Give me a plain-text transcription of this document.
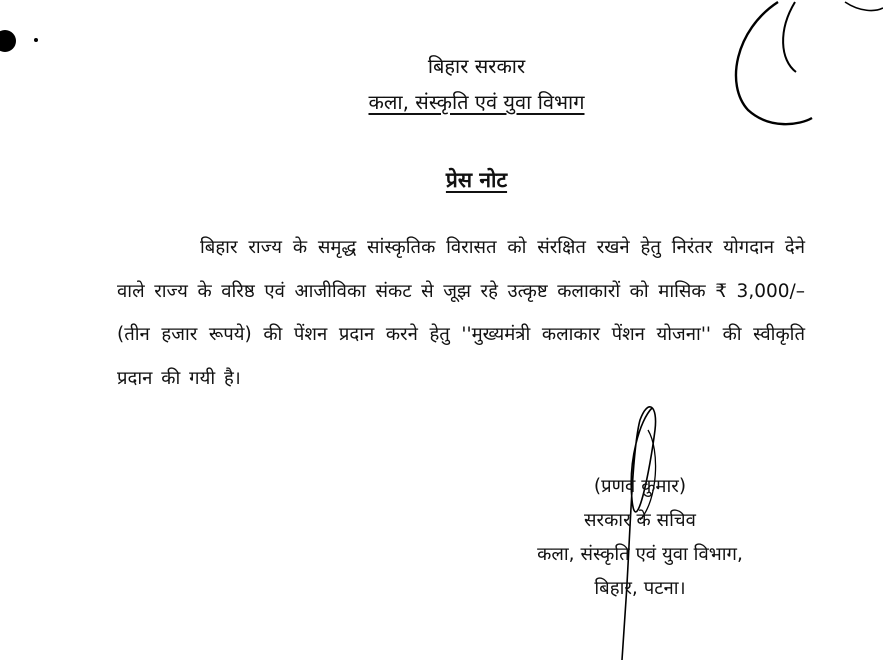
बिहार सरकार
कला, संस्कृति एवं युवा विभाग
प्रेस नोट
बिहार राज्य के समृद्ध सांस्कृतिक विरासत को संरक्षित रखने हेतु निरंतर योगदान देने वाले राज्य के वरिष्ठ एवं आजीविका संकट से जूझ रहे उत्कृष्ट कलाकारों को मासिक ₹ 3,000/–(तीन हजार रूपये) की पेंशन प्रदान करने हेतु ''मुख्यमंत्री कलाकार पेंशन योजना'' की स्वीकृति प्रदान की गयी है।
(प्रणव कुमार)
सरकार के सचिव
कला, संस्कृति एवं युवा विभाग,
बिहार, पटना।
